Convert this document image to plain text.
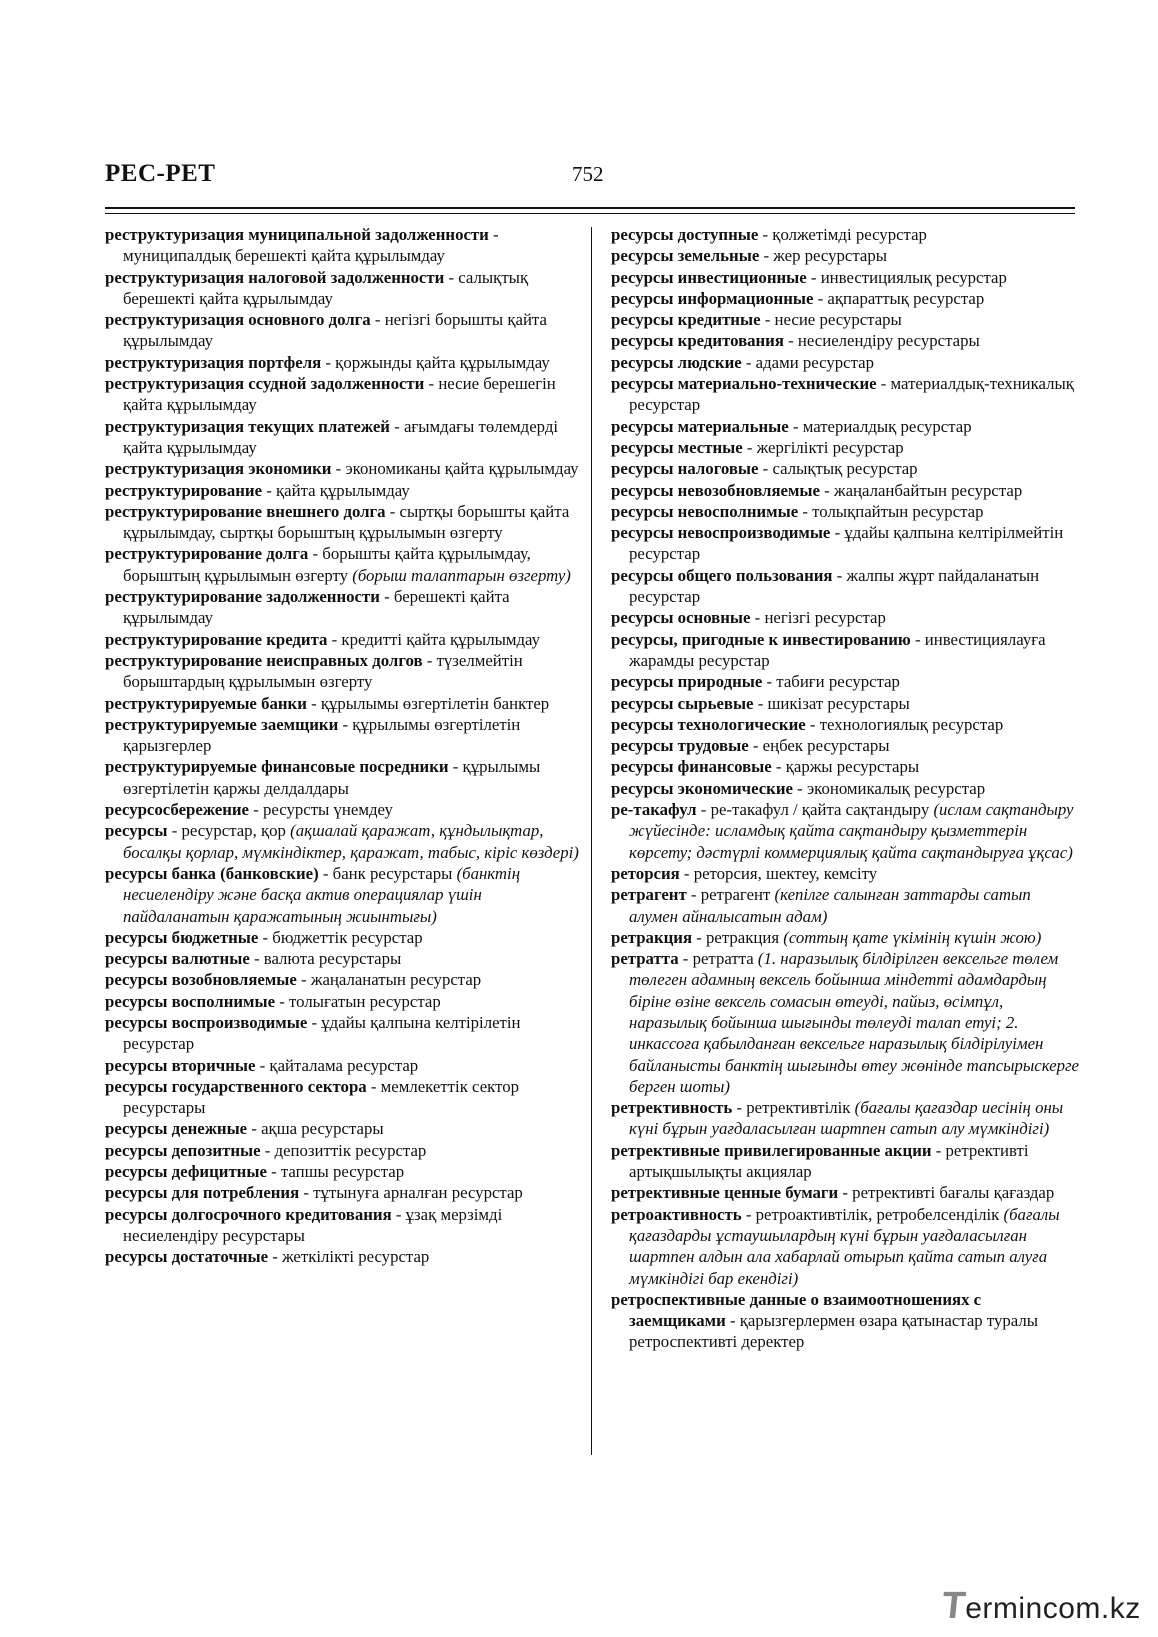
РЕС-РЕТ	752

реструктуризация муниципальной задолженности - муниципалдық берешекті қайта құрылымдау

реструктуризация налоговой задолженности - салықтық берешекті қайта құрылымдау

реструктуризация основного долга - негізгі борышты қайта құрылымдау

реструктуризация портфеля - қоржынды қайта құрылымдау

реструктуризация ссудной задолженности - несие берешегін қайта құрылымдау

реструктуризация текущих платежей - ағымдағы төлемдерді қайта құрылымдау

реструктуризация экономики - экономиканы қайта құрылымдау

реструктурирование - қайта құрылымдау

реструктурирование внешнего долга - сыртқы борышты қайта құрылымдау, сыртқы борыштың құрылымын өзгерту

реструктурирование долга - борышты қайта құрылымдау, борыштың құрылымын өзгерту (борыш талаптарын өзгерту)

реструктурирование задолженности - берешекті қайта құрылымдау

реструктурирование кредита - кредитті қайта құрылымдау

реструктурирование неисправных долгов - түзелмейтін борыштардың құрылымын өзгерту

реструктурируемые банки - құрылымы өзгертілетін банктер

реструктурируемые заемщики - құрылымы өзгертілетін қарызгерлер

реструктурируемые финансовые посредники - құрылымы өзгертілетін қаржы делдалдары

ресурсосбережение - ресурсты үнемдеу

ресурсы - ресурстар, қор (ақшалай қаражат, құндылықтар, босалқы қорлар, мүмкіндіктер, қаражат, табыс, кіріс көздері)

ресурсы банка (банковские) - банк ресурстары (банктің несиелендіру және басқа актив операциялар үшін пайдаланатын қаражатының жиынтығы)

ресурсы бюджетные - бюджеттік ресурстар

ресурсы валютные - валюта ресурстары

ресурсы возобновляемые - жаңаланатын ресурстар

ресурсы восполнимые - толығатын ресурстар

ресурсы воспроизводимые - ұдайы қалпына келтірілетін ресурстар

ресурсы вторичные - қайталама ресурстар

ресурсы государственного сектора - мемлекеттік сектор ресурстары

ресурсы денежные - ақша ресурстары

ресурсы депозитные - депозиттік ресурстар

ресурсы дефицитные - тапшы ресурстар

ресурсы для потребления - тұтынуға арналған ресурстар

ресурсы долгосрочного кредитования - ұзақ мерзімді несиелендіру ресурстары

ресурсы достаточные - жеткілікті ресурстар

ресурсы доступные - қолжетімді ресурстар

ресурсы земельные - жер ресурстары

ресурсы инвестиционные - инвестициялық ресурстар

ресурсы информационные - ақпараттық ресурстар

ресурсы кредитные - несие ресурстары

ресурсы кредитования - несиелендіру ресурстары

ресурсы людские - адами ресурстар

ресурсы материально-технические - материалдық-техникалық ресурстар

ресурсы материальные - материалдық ресурстар

ресурсы местные - жергілікті ресурстар

ресурсы налоговые - салықтық ресурстар

ресурсы невозобновляемые - жаңаланбайтын ресурстар

ресурсы невосполнимые - толықпайтын ресурстар

ресурсы невоспроизводимые - ұдайы қалпына келтірілмейтін ресурстар

ресурсы общего пользования - жалпы жұрт пайдаланатын ресурстар

ресурсы основные - негізгі ресурстар

ресурсы, пригодные к инвестированию - инвестициялауға жарамды ресурстар

ресурсы природные - табиғи ресурстар

ресурсы сырьевые - шикізат ресурстары

ресурсы технологические - технологиялық ресурстар

ресурсы трудовые - еңбек ресурстары

ресурсы финансовые - қаржы ресурстары

ресурсы экономические - экономикалық ресурстар

ре-такафул - ре-такафул / қайта сақтандыру (ислам сақтандыру жүйесінде: исламдық қайта сақтандыру қызметтерін көрсету; дәстүрлі коммерциялық қайта сақтандыруға ұқсас)

реторсия - реторсия, шектеу, кемсіту

ретрагент - ретрагент (кепілге салынған заттарды сатып алумен айналысатын адам)

ретракция - ретракция (соттың қате үкімінің күшін жою)

ретратта - ретратта (1. наразылық білдірілген вексельге төлем төлеген адамның вексель бойынша міндетті адамдардың біріне өзіне вексель сомасын өтеуді, пайыз, өсімпұл, наразылық бойынша шығынды төлеуді талап етуі; 2. инкассоға қабылданған вексельге наразылық білдірілуімен байланысты банктің шығынды өтеу жөнінде тапсырыскерге берген шоты)

ретрективность - ретрективтілік (бағалы қағаздар иесінің оны күні бұрын уағдаласылған шартпен сатып алу мүмкіндігі)

ретрективные привилегированные акции - ретрективті артықшылықты акциялар

ретрективные ценные бумаги - ретрективті бағалы қағаздар

ретроактивность - ретроактивтілік, ретробелсенділік (бағалы қағаздарды ұстаушылардың күні бұрын уағдаласылған шартпен алдын ала хабарлай отырып қайта сатып алуға мүмкіндігі бар екендігі)

ретроспективные данные о взаимоотношениях с заемщиками - қарызгерлермен өзара қатынастар туралы ретроспективті деректер

Termincom.kz
